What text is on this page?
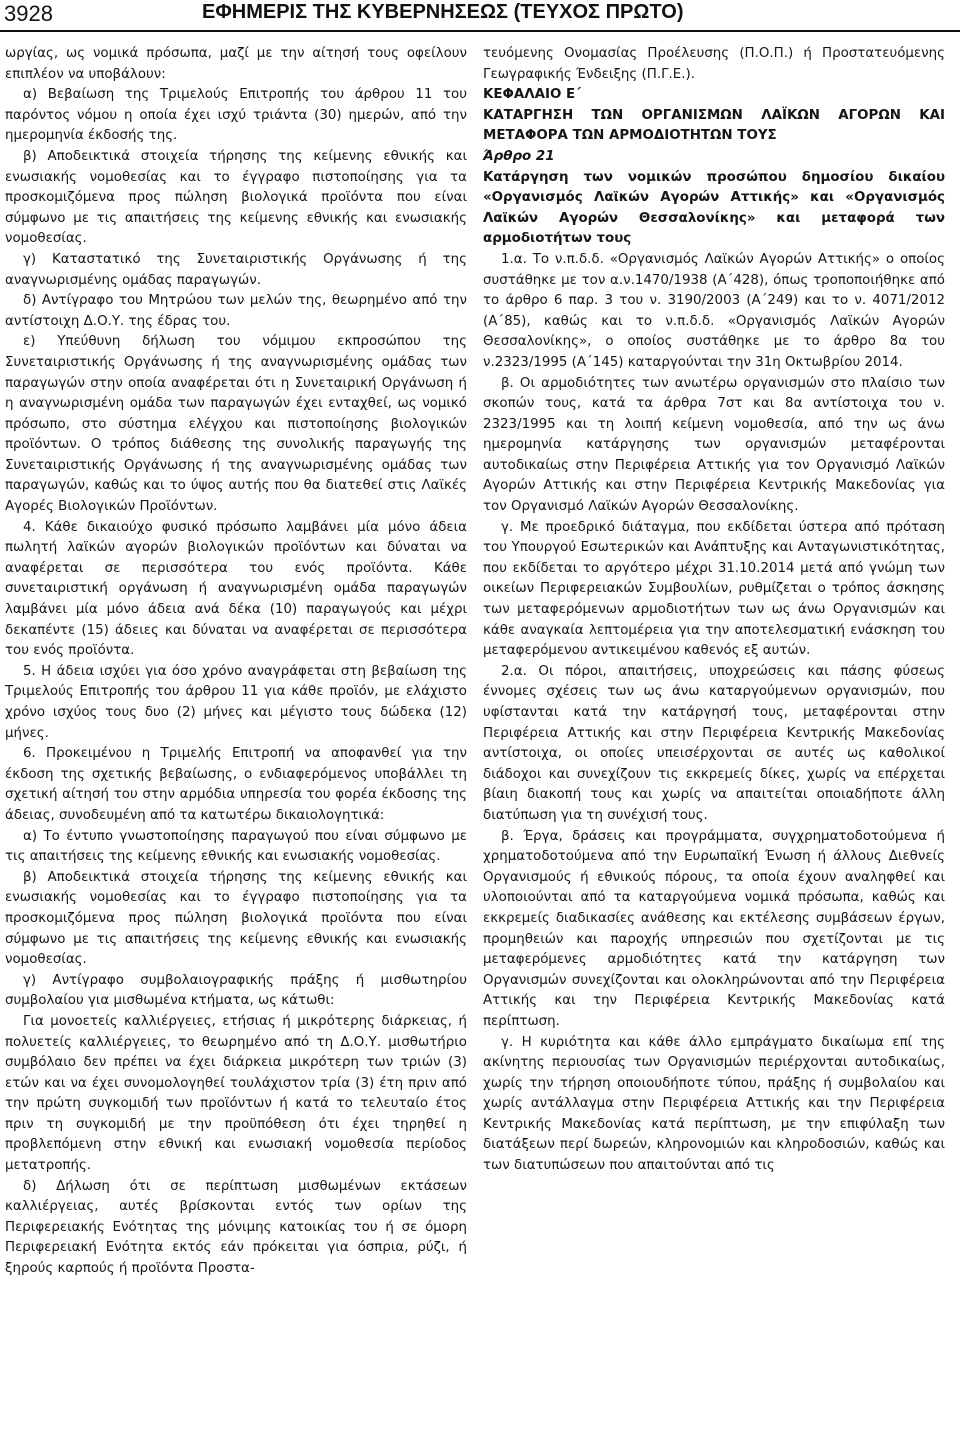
3928	ΕΦΗΜΕΡΙΣ ΤΗΣ ΚΥΒΕΡΝΗΣΕΩΣ (ΤΕΥΧΟΣ ΠΡΩΤΟ)

ωργίας, ως νομικά πρόσωπα, μαζί με την αίτησή τους οφείλουν επιπλέον να υποβάλουν:

α) Βεβαίωση της Τριμελούς Επιτροπής του άρθρου 11 του παρόντος νόμου η οποία έχει ισχύ τριάντα (30) ημερών, από την ημερομηνία έκδοσής της.

β) Αποδεικτικά στοιχεία τήρησης της κείμενης εθνικής και ενωσιακής νομοθεσίας και το έγγραφο πιστοποίησης για τα προσκομιζόμενα προς πώληση βιολογικά προϊόντα που είναι σύμφωνο με τις απαιτήσεις της κείμενης εθνικής και ενωσιακής νομοθεσίας.

γ) Καταστατικό της Συνεταιριστικής Οργάνωσης ή της αναγνωρισμένης ομάδας παραγωγών.

δ) Αντίγραφο του Μητρώου των μελών της, θεωρημένο από την αντίστοιχη Δ.Ο.Υ. της έδρας του.

ε) Υπεύθυνη δήλωση του νόμιμου εκπροσώπου της Συνεταιριστικής Οργάνωσης ή της αναγνωρισμένης ομάδας των παραγωγών στην οποία αναφέρεται ότι η Συνεταιρική Οργάνωση ή η αναγνωρισμένη ομάδα των παραγωγών έχει ενταχθεί, ως νομικό πρόσωπο, στο σύστημα ελέγχου και πιστοποίησης βιολογικών προϊόντων. Ο τρόπος διάθεσης της συνολικής παραγωγής της Συνεταιριστικής Οργάνωσης ή της αναγνωρισμένης ομάδας των παραγωγών, καθώς και το ύψος αυτής που θα διατεθεί στις Λαϊκές Αγορές Βιολογικών Προϊόντων.

4. Κάθε δικαιούχο φυσικό πρόσωπο λαμβάνει μία μόνο άδεια πωλητή λαϊκών αγορών βιολογικών προϊόντων και δύναται να αναφέρεται σε περισσότερα του ενός προϊόντα. Κάθε συνεταιριστική οργάνωση ή αναγνωρισμένη ομάδα παραγωγών λαμβάνει μία μόνο άδεια ανά δέκα (10) παραγωγούς και μέχρι δεκαπέντε (15) άδειες και δύναται να αναφέρεται σε περισσότερα του ενός προϊόντα.

5. Η άδεια ισχύει για όσο χρόνο αναγράφεται στη βεβαίωση της Τριμελούς Επιτροπής του άρθρου 11 για κάθε προϊόν, με ελάχιστο χρόνο ισχύος τους δυο (2) μήνες και μέγιστο τους δώδεκα (12) μήνες.

6. Προκειμένου η Τριμελής Επιτροπή να αποφανθεί για την έκδοση της σχετικής βεβαίωσης, ο ενδιαφερόμενος υποβάλλει τη σχετική αίτησή του στην αρμόδια υπηρεσία του φορέα έκδοσης της άδειας, συνοδευμένη από τα κατωτέρω δικαιολογητικά:

α) Το έντυπο γνωστοποίησης παραγωγού που είναι σύμφωνο με τις απαιτήσεις της κείμενης εθνικής και ενωσιακής νομοθεσίας.

β) Αποδεικτικά στοιχεία τήρησης της κείμενης εθνικής και ενωσιακής νομοθεσίας και το έγγραφο πιστοποίησης για τα προσκομιζόμενα προς πώληση βιολογικά προϊόντα που είναι σύμφωνο με τις απαιτήσεις της κείμενης εθνικής και ενωσιακής νομοθεσίας.

γ) Αντίγραφο συμβολαιογραφικής πράξης ή μισθωτηρίου συμβολαίου για μισθωμένα κτήματα, ως κάτωθι:

Για μονοετείς καλλιέργειες, ετήσιας ή μικρότερης διάρκειας, ή πολυετείς καλλιέργειες, το θεωρημένο από τη Δ.Ο.Υ. μισθωτήριο συμβόλαιο δεν πρέπει να έχει διάρκεια μικρότερη των τριών (3) ετών και να έχει συνομολογηθεί τουλάχιστον τρία (3) έτη πριν από την πρώτη συγκομιδή των προϊόντων ή κατά το τελευταίο έτος πριν τη συγκομιδή με την προϋπόθεση ότι έχει τηρηθεί η προβλεπόμενη στην εθνική και ενωσιακή νομοθεσία περίοδος μετατροπής.

δ) Δήλωση ότι σε περίπτωση μισθωμένων εκτάσεων καλλιέργειας, αυτές βρίσκονται εντός των ορίων της Περιφερειακής Ενότητας της μόνιμης κατοικίας του ή σε όμορη Περιφερειακή Ενότητα εκτός εάν πρόκειται για όσπρια, ρύζι, ή ξηρούς καρπούς ή προϊόντα Προστα-

τευόμενης Ονομασίας Προέλευσης (Π.Ο.Π.) ή Προστατευόμενης Γεωγραφικής Ένδειξης (Π.Γ.Ε.).

ΚΕΦΑΛΑΙΟ Ε΄

ΚΑΤΑΡΓΗΣΗ ΤΩΝ ΟΡΓΑΝΙΣΜΩΝ ΛΑΪΚΩΝ ΑΓΟΡΩΝ ΚΑΙ ΜΕΤΑΦΟΡΑ ΤΩΝ ΑΡΜΟΔΙΟΤΗΤΩΝ ΤΟΥΣ

Άρθρο 21

Κατάργηση των νομικών προσώπου δημοσίου δικαίου «Οργανισμός Λαϊκών Αγορών Αττικής» και «Οργανισμός Λαϊκών Αγορών Θεσσαλονίκης» και μεταφορά των αρμοδιοτήτων τους

1.α. Το ν.π.δ.δ. «Οργανισμός Λαϊκών Αγορών Αττικής» ο οποίος συστάθηκε με τον α.ν.1470/1938 (Α΄428), όπως τροποποιήθηκε από το άρθρο 6 παρ. 3 του ν. 3190/2003 (Α΄249) και το ν. 4071/2012 (Α΄85), καθώς και το ν.π.δ.δ. «Οργανισμός Λαϊκών Αγορών Θεσσαλονίκης», ο οποίος συστάθηκε με το άρθρο 8α του ν.2323/1995 (Α΄145) καταργούνται την 31η Οκτωβρίου 2014.

β. Οι αρμοδιότητες των ανωτέρω οργανισμών στο πλαίσιο των σκοπών τους, κατά τα άρθρα 7στ και 8α αντίστοιχα του ν. 2323/1995 και τη λοιπή κείμενη νομοθεσία, από την ως άνω ημερομηνία κατάργησης των οργανισμών μεταφέρονται αυτοδικαίως στην Περιφέρεια Αττικής για τον Οργανισμό Λαϊκών Αγορών Αττικής και στην Περιφέρεια Κεντρικής Μακεδονίας για τον Οργανισμό Λαϊκών Αγορών Θεσσαλονίκης.

γ. Με προεδρικό διάταγμα, που εκδίδεται ύστερα από πρόταση του Υπουργού Εσωτερικών και Ανάπτυξης και Ανταγωνιστικότητας, που εκδίδεται το αργότερο μέχρι 31.10.2014 μετά από γνώμη των οικείων Περιφερειακών Συμβουλίων, ρυθμίζεται ο τρόπος άσκησης των μεταφερόμενων αρμοδιοτήτων των ως άνω Οργανισμών και κάθε αναγκαία λεπτομέρεια για την αποτελεσματική ενάσκηση του μεταφερόμενου αντικειμένου καθενός εξ αυτών.

2.α. Οι πόροι, απαιτήσεις, υποχρεώσεις και πάσης φύσεως έννομες σχέσεις των ως άνω καταργούμενων οργανισμών, που υφίστανται κατά την κατάργησή τους, μεταφέρονται στην Περιφέρεια Αττικής και στην Περιφέρεια Κεντρικής Μακεδονίας αντίστοιχα, οι οποίες υπεισέρχονται σε αυτές ως καθολικοί διάδοχοι και συνεχίζουν τις εκκρεμείς δίκες, χωρίς να επέρχεται βίαιη διακοπή τους και χωρίς να απαιτείται οποιαδήποτε άλλη διατύπωση για τη συνέχισή τους.

β. Έργα, δράσεις και προγράμματα, συγχρηματοδοτούμενα ή χρηματοδοτούμενα από την Ευρωπαϊκή Ένωση ή άλλους Διεθνείς Οργανισμούς ή εθνικούς πόρους, τα οποία έχουν αναληφθεί και υλοποιούνται από τα καταργούμενα νομικά πρόσωπα, καθώς και εκκρεμείς διαδικασίες ανάθεσης και εκτέλεσης συμβάσεων έργων, προμηθειών και παροχής υπηρεσιών που σχετίζονται με τις μεταφερόμενες αρμοδιότητες κατά την κατάργηση των Οργανισμών συνεχίζονται και ολοκληρώνονται από την Περιφέρεια Αττικής και την Περιφέρεια Κεντρικής Μακεδονίας κατά περίπτωση.

γ. Η κυριότητα και κάθε άλλο εμπράγματο δικαίωμα επί της ακίνητης περιουσίας των Οργανισμών περιέρχονται αυτοδικαίως, χωρίς την τήρηση οποιουδήποτε τύπου, πράξης ή συμβολαίου και χωρίς αντάλλαγμα στην Περιφέρεια Αττικής και την Περιφέρεια Κεντρικής Μακεδονίας κατά περίπτωση, με την επιφύλαξη των διατάξεων περί δωρεών, κληρονομιών και κληροδοσιών, καθώς και των διατυπώσεων που απαιτούνται από τις
